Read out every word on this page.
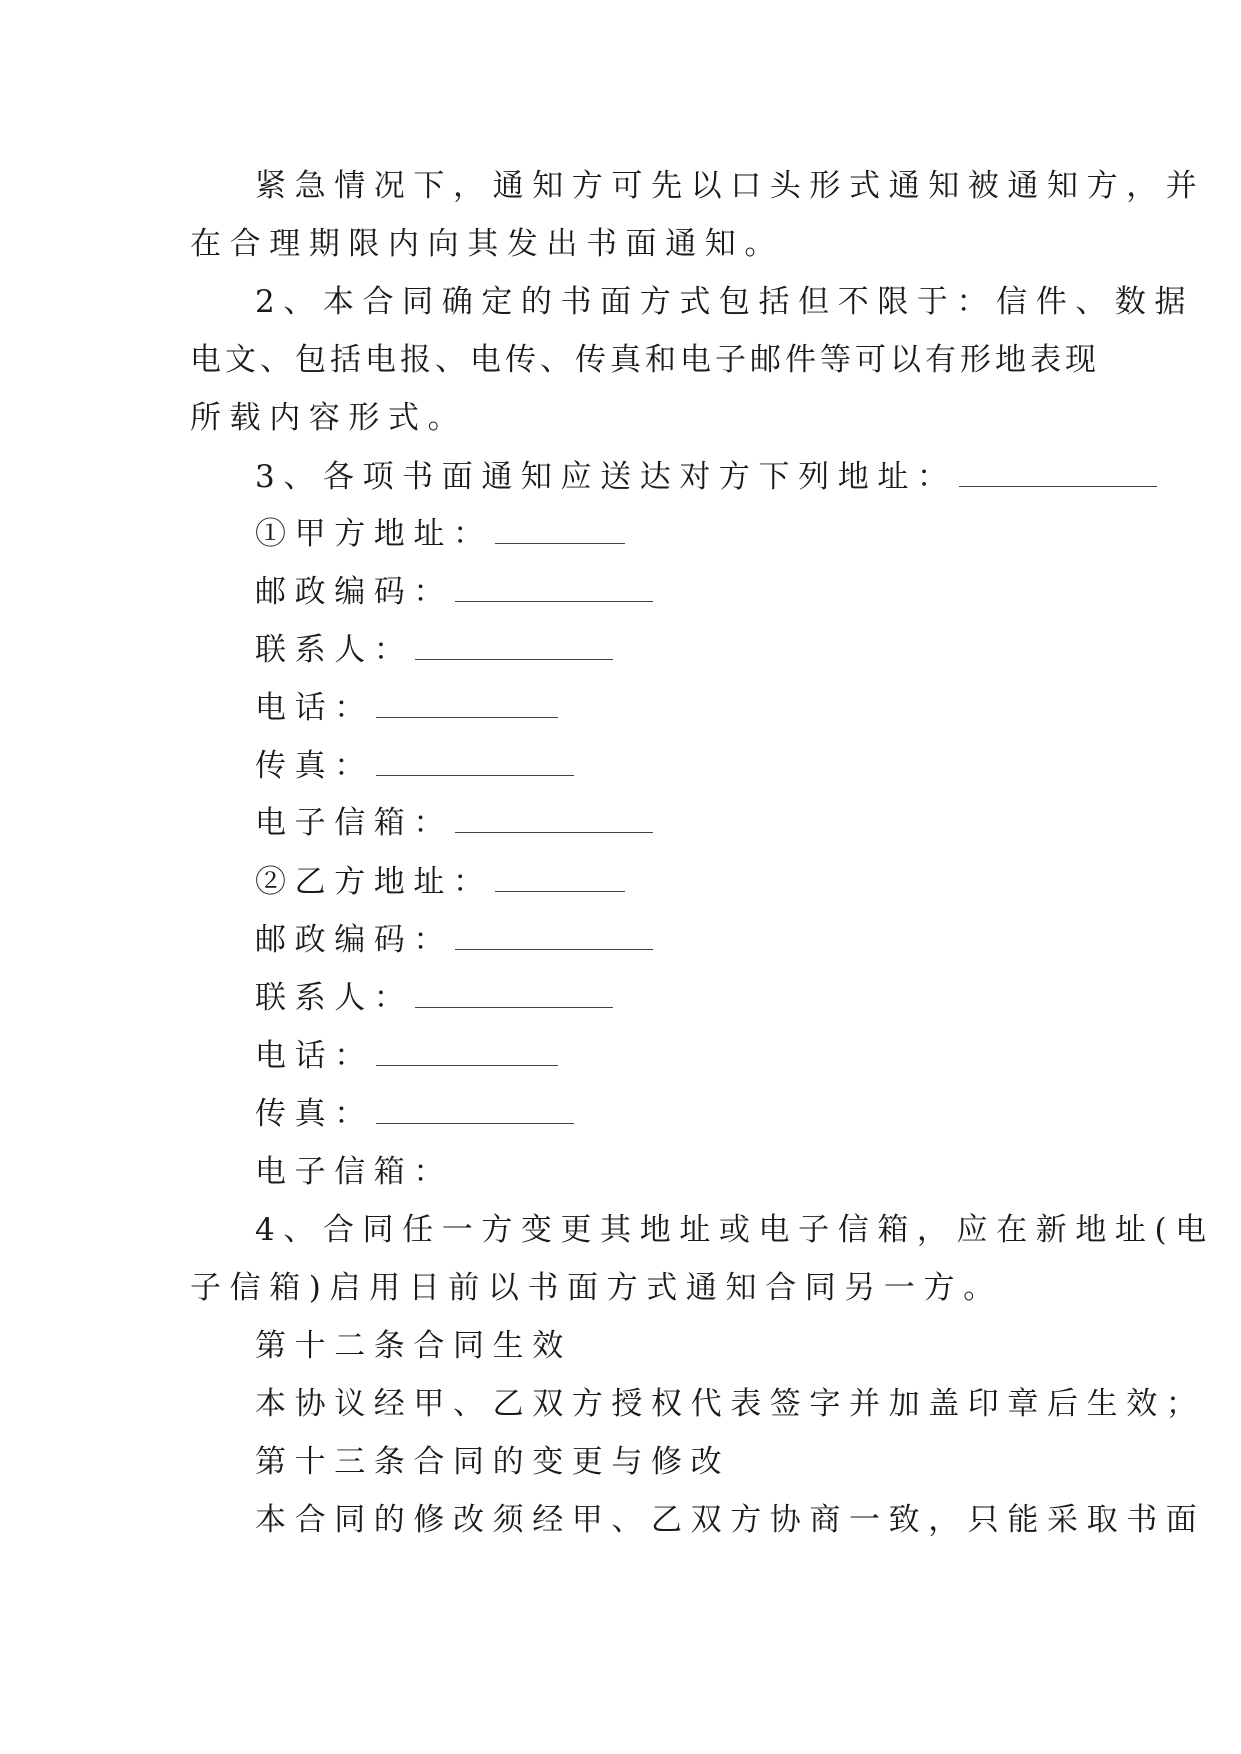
紧急情况下，通知方可先以口头形式通知被通知方，并
在合理期限内向其发出书面通知。
2、本合同确定的书面方式包括但不限于：信件、数据
电文、包括电报、电传、传真和电子邮件等可以有形地表现
所载内容形式。
3、各项书面通知应送达对方下列地址：
①甲方地址：
邮政编码：
联系人：
电话：
传真：
电子信箱：
②乙方地址：
邮政编码：
联系人：
电话：
传真：
电子信箱：
4、合同任一方变更其地址或电子信箱，应在新地址(电
子信箱)启用日前以书面方式通知合同另一方。
第十二条合同生效
本协议经甲、乙双方授权代表签字并加盖印章后生效；
第十三条合同的变更与修改
本合同的修改须经甲、乙双方协商一致，只能采取书面
